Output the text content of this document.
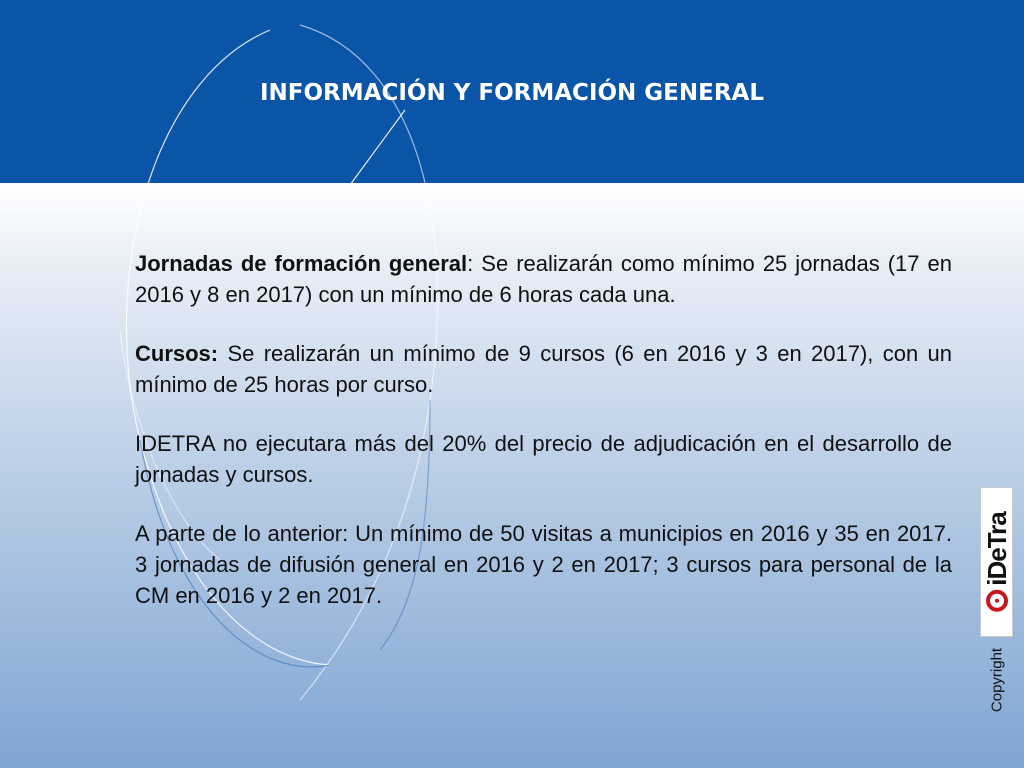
INFORMACIÓN Y FORMACIÓN GENERAL

Jornadas de formación general: Se realizarán como mínimo 25 jornadas (17 en 2016 y 8 en 2017) con un mínimo de 6 horas cada una.

Cursos: Se realizarán un mínimo de 9 cursos (6 en 2016 y 3 en 2017), con un mínimo de 25 horas por curso.

IDETRA no ejecutara más del 20% del precio de adjudicación en el desarrollo de jornadas y cursos.

A parte de lo anterior: Un mínimo de 50 visitas a municipios en 2016 y 35 en 2017. 3 jornadas de difusión general en 2016 y 2 en 2017; 3 cursos para personal de la CM en 2016 y 2 en 2017.

iDeTra
Copyright
